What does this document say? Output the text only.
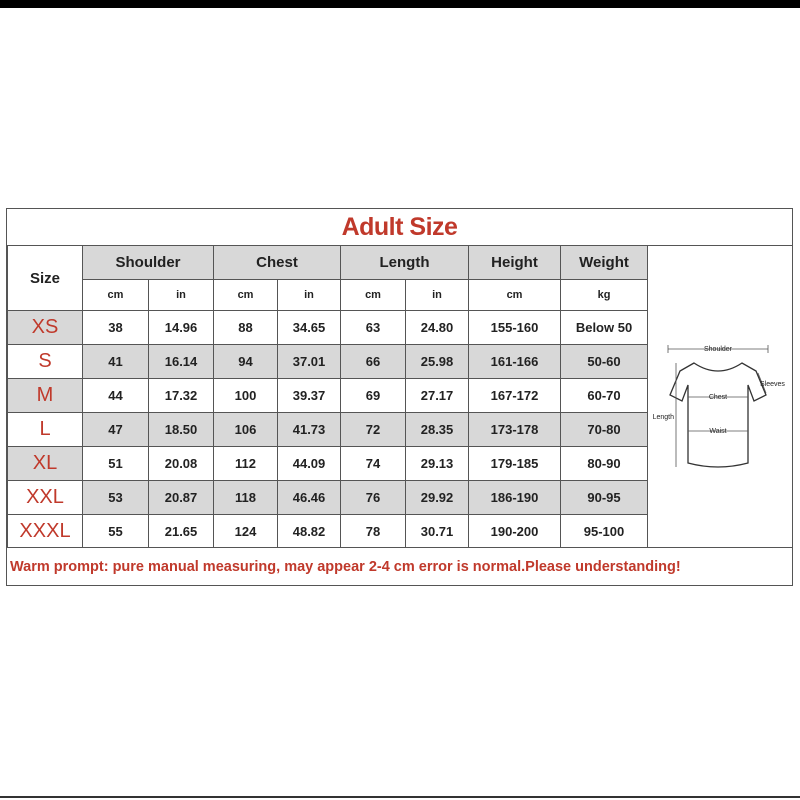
Adult Size
Size	Shoulder		Chest		Length		Height	Weight
	cm	in	cm	in	cm	in	cm	kg
XS	38	14.96	88	34.65	63	24.80	155-160	Below 50
S	41	16.14	94	37.01	66	25.98	161-166	50-60
M	44	17.32	100	39.37	69	27.17	167-172	60-70
L	47	18.50	106	41.73	72	28.35	173-178	70-80
XL	51	20.08	112	44.09	74	29.13	179-185	80-90
XXL	53	20.87	118	46.46	76	29.92	186-190	90-95
XXXL	55	21.65	124	48.82	78	30.71	190-200	95-100
Shoulder
Sleeves
Chest
Waist
Length
Warm prompt: pure manual measuring, may appear 2-4 cm error is normal.Please understanding!
